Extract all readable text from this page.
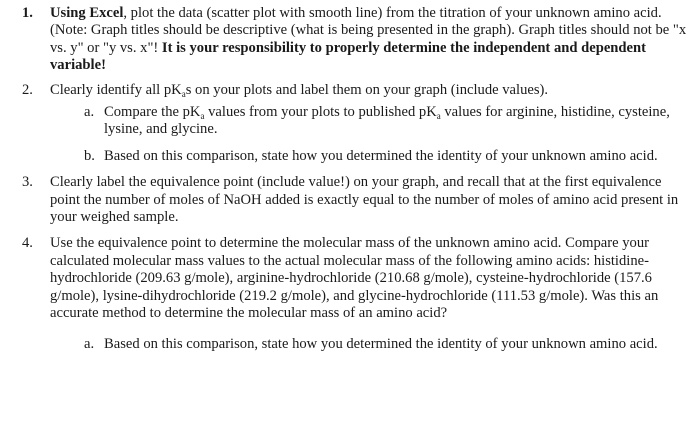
1.	Using Excel, plot the data (scatter plot with smooth line) from the titration of your unknown amino acid. (Note: Graph titles should be descriptive (what is being presented in the graph). Graph titles should not be "x vs. y" or "y vs. x"! It is your responsibility to properly determine the independent and dependent variable!
2.	Clearly identify all $pK_as$ on your plots and label them on your graph (include values).
a. Compare the $pK_a$ values from your plots to published $pK_a$ values for arginine, histidine, cysteine, lysine, and glycine.
b. Based on this comparison, state how you determined the identity of your unknown amino acid.
3.	Clearly label the equivalence point (include value!) on your graph, and recall that at the first equivalence point the number of moles of NaOH added is exactly equal to the number of moles of amino acid present in your weighed sample.
4.	Use the equivalence point to determine the molecular mass of the unknown amino acid. Compare your calculated molecular mass values to the actual molecular mass of the following amino acids: histidine-hydrochloride (209.63 g/mole), arginine-hydrochloride (210.68 g/mole), cysteine-hydrochloride (157.6 g/mole), lysine-dihydrochloride (219.2 g/mole), and glycine-hydrochloride (111.53 g/mole). Was this an accurate method to determine the molecular mass of an amino acid?
a. Based on this comparison, state how you determined the identity of your unknown amino acid.
